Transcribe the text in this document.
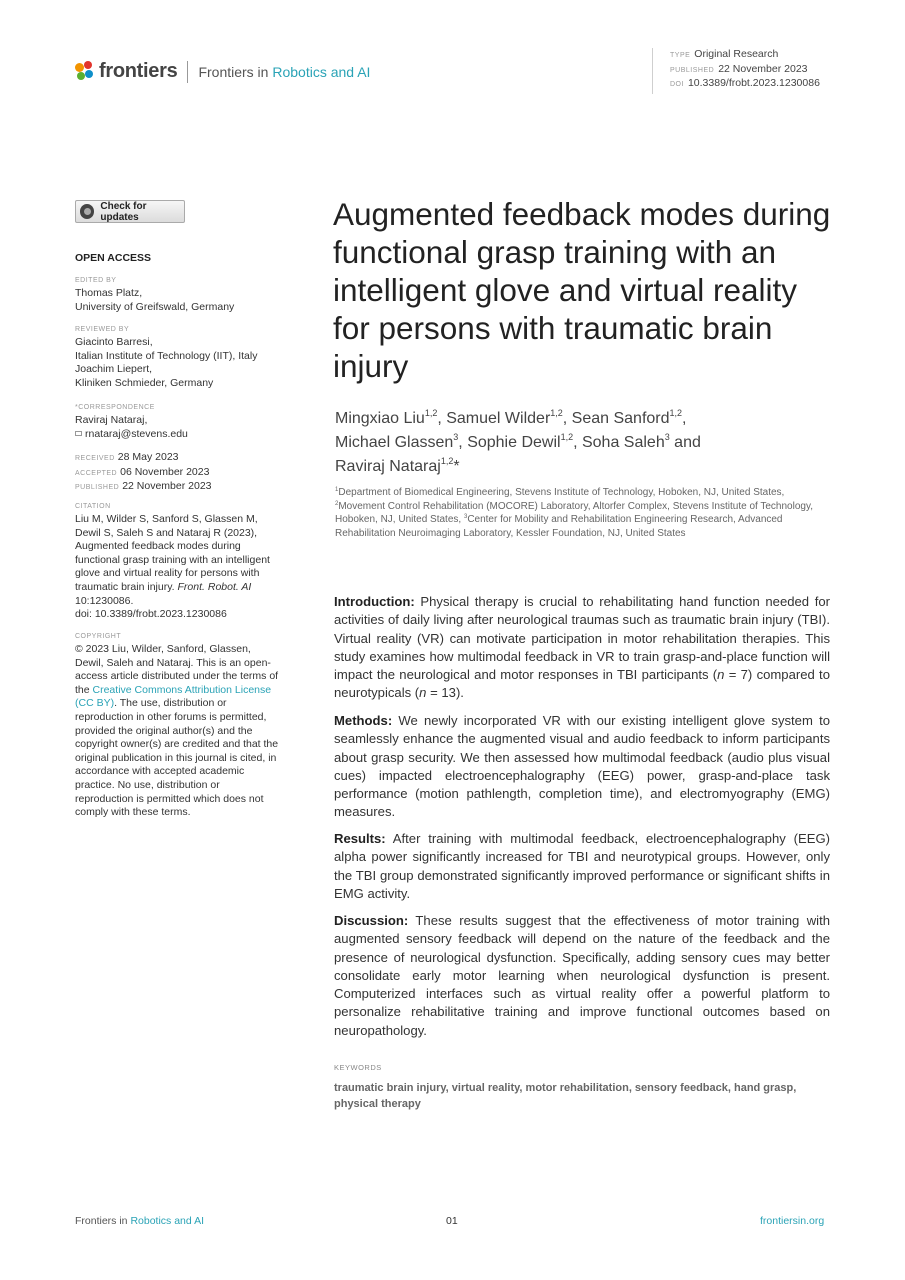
frontiers Frontiers in Robotics and AI
TYPE Original Research
PUBLISHED 22 November 2023
DOI 10.3389/frobt.2023.1230086
Check for updates
OPEN ACCESS
EDITED BY
Thomas Platz,
University of Greifswald, Germany
REVIEWED BY
Giacinto Barresi,
Italian Institute of Technology (IIT), Italy
Joachim Liepert,
Kliniken Schmieder, Germany
*CORRESPONDENCE
Raviraj Nataraj,
rnataraj@stevens.edu
RECEIVED 28 May 2023
ACCEPTED 06 November 2023
PUBLISHED 22 November 2023
CITATION
Liu M, Wilder S, Sanford S, Glassen M, Dewil S, Saleh S and Nataraj R (2023), Augmented feedback modes during functional grasp training with an intelligent glove and virtual reality for persons with traumatic brain injury. Front. Robot. AI 10:1230086.
doi: 10.3389/frobt.2023.1230086
COPYRIGHT
© 2023 Liu, Wilder, Sanford, Glassen, Dewil, Saleh and Nataraj. This is an open-access article distributed under the terms of the Creative Commons Attribution License (CC BY). The use, distribution or reproduction in other forums is permitted, provided the original author(s) and the copyright owner(s) are credited and that the original publication in this journal is cited, in accordance with accepted academic practice. No use, distribution or reproduction is permitted which does not comply with these terms.
Augmented feedback modes during functional grasp training with an intelligent glove and virtual reality for persons with traumatic brain injury
Mingxiao Liu$^{1,2}$, Samuel Wilder$^{1,2}$, Sean Sanford$^{1,2}$,
Michael Glassen$^3$, Sophie Dewil$^{1,2}$, Soha Saleh$^3$ and
Raviraj Nataraj$^{1,2}$*
$^1$Department of Biomedical Engineering, Stevens Institute of Technology, Hoboken, NJ, United States, $^2$Movement Control Rehabilitation (MOCORE) Laboratory, Altorfer Complex, Stevens Institute of Technology, Hoboken, NJ, United States, $^3$Center for Mobility and Rehabilitation Engineering Research, Advanced Rehabilitation Neuroimaging Laboratory, Kessler Foundation, NJ, United States

Introduction: Physical therapy is crucial to rehabilitating hand function needed for activities of daily living after neurological traumas such as traumatic brain injury (TBI). Virtual reality (VR) can motivate participation in motor rehabilitation therapies. This study examines how multimodal feedback in VR to train grasp-and-place function will impact the neurological and motor responses in TBI participants (n = 7) compared to neurotypicals (n = 13).

Methods: We newly incorporated VR with our existing intelligent glove system to seamlessly enhance the augmented visual and audio feedback to inform participants about grasp security. We then assessed how multimodal feedback (audio plus visual cues) impacted electroencephalography (EEG) power, grasp-and-place task performance (motion pathlength, completion time), and electromyography (EMG) measures.

Results: After training with multimodal feedback, electroencephalography (EEG) alpha power significantly increased for TBI and neurotypical groups. However, only the TBI group demonstrated significantly improved performance or significant shifts in EMG activity.

Discussion: These results suggest that the effectiveness of motor training with augmented sensory feedback will depend on the nature of the feedback and the presence of neurological dysfunction. Specifically, adding sensory cues may better consolidate early motor learning when neurological dysfunction is present. Computerized interfaces such as virtual reality offer a powerful platform to personalize rehabilitative training and improve functional outcomes based on neuropathology.

KEYWORDS
traumatic brain injury, virtual reality, motor rehabilitation, sensory feedback, hand grasp, physical therapy
Frontiers in Robotics and AI	01	frontiersin.org
